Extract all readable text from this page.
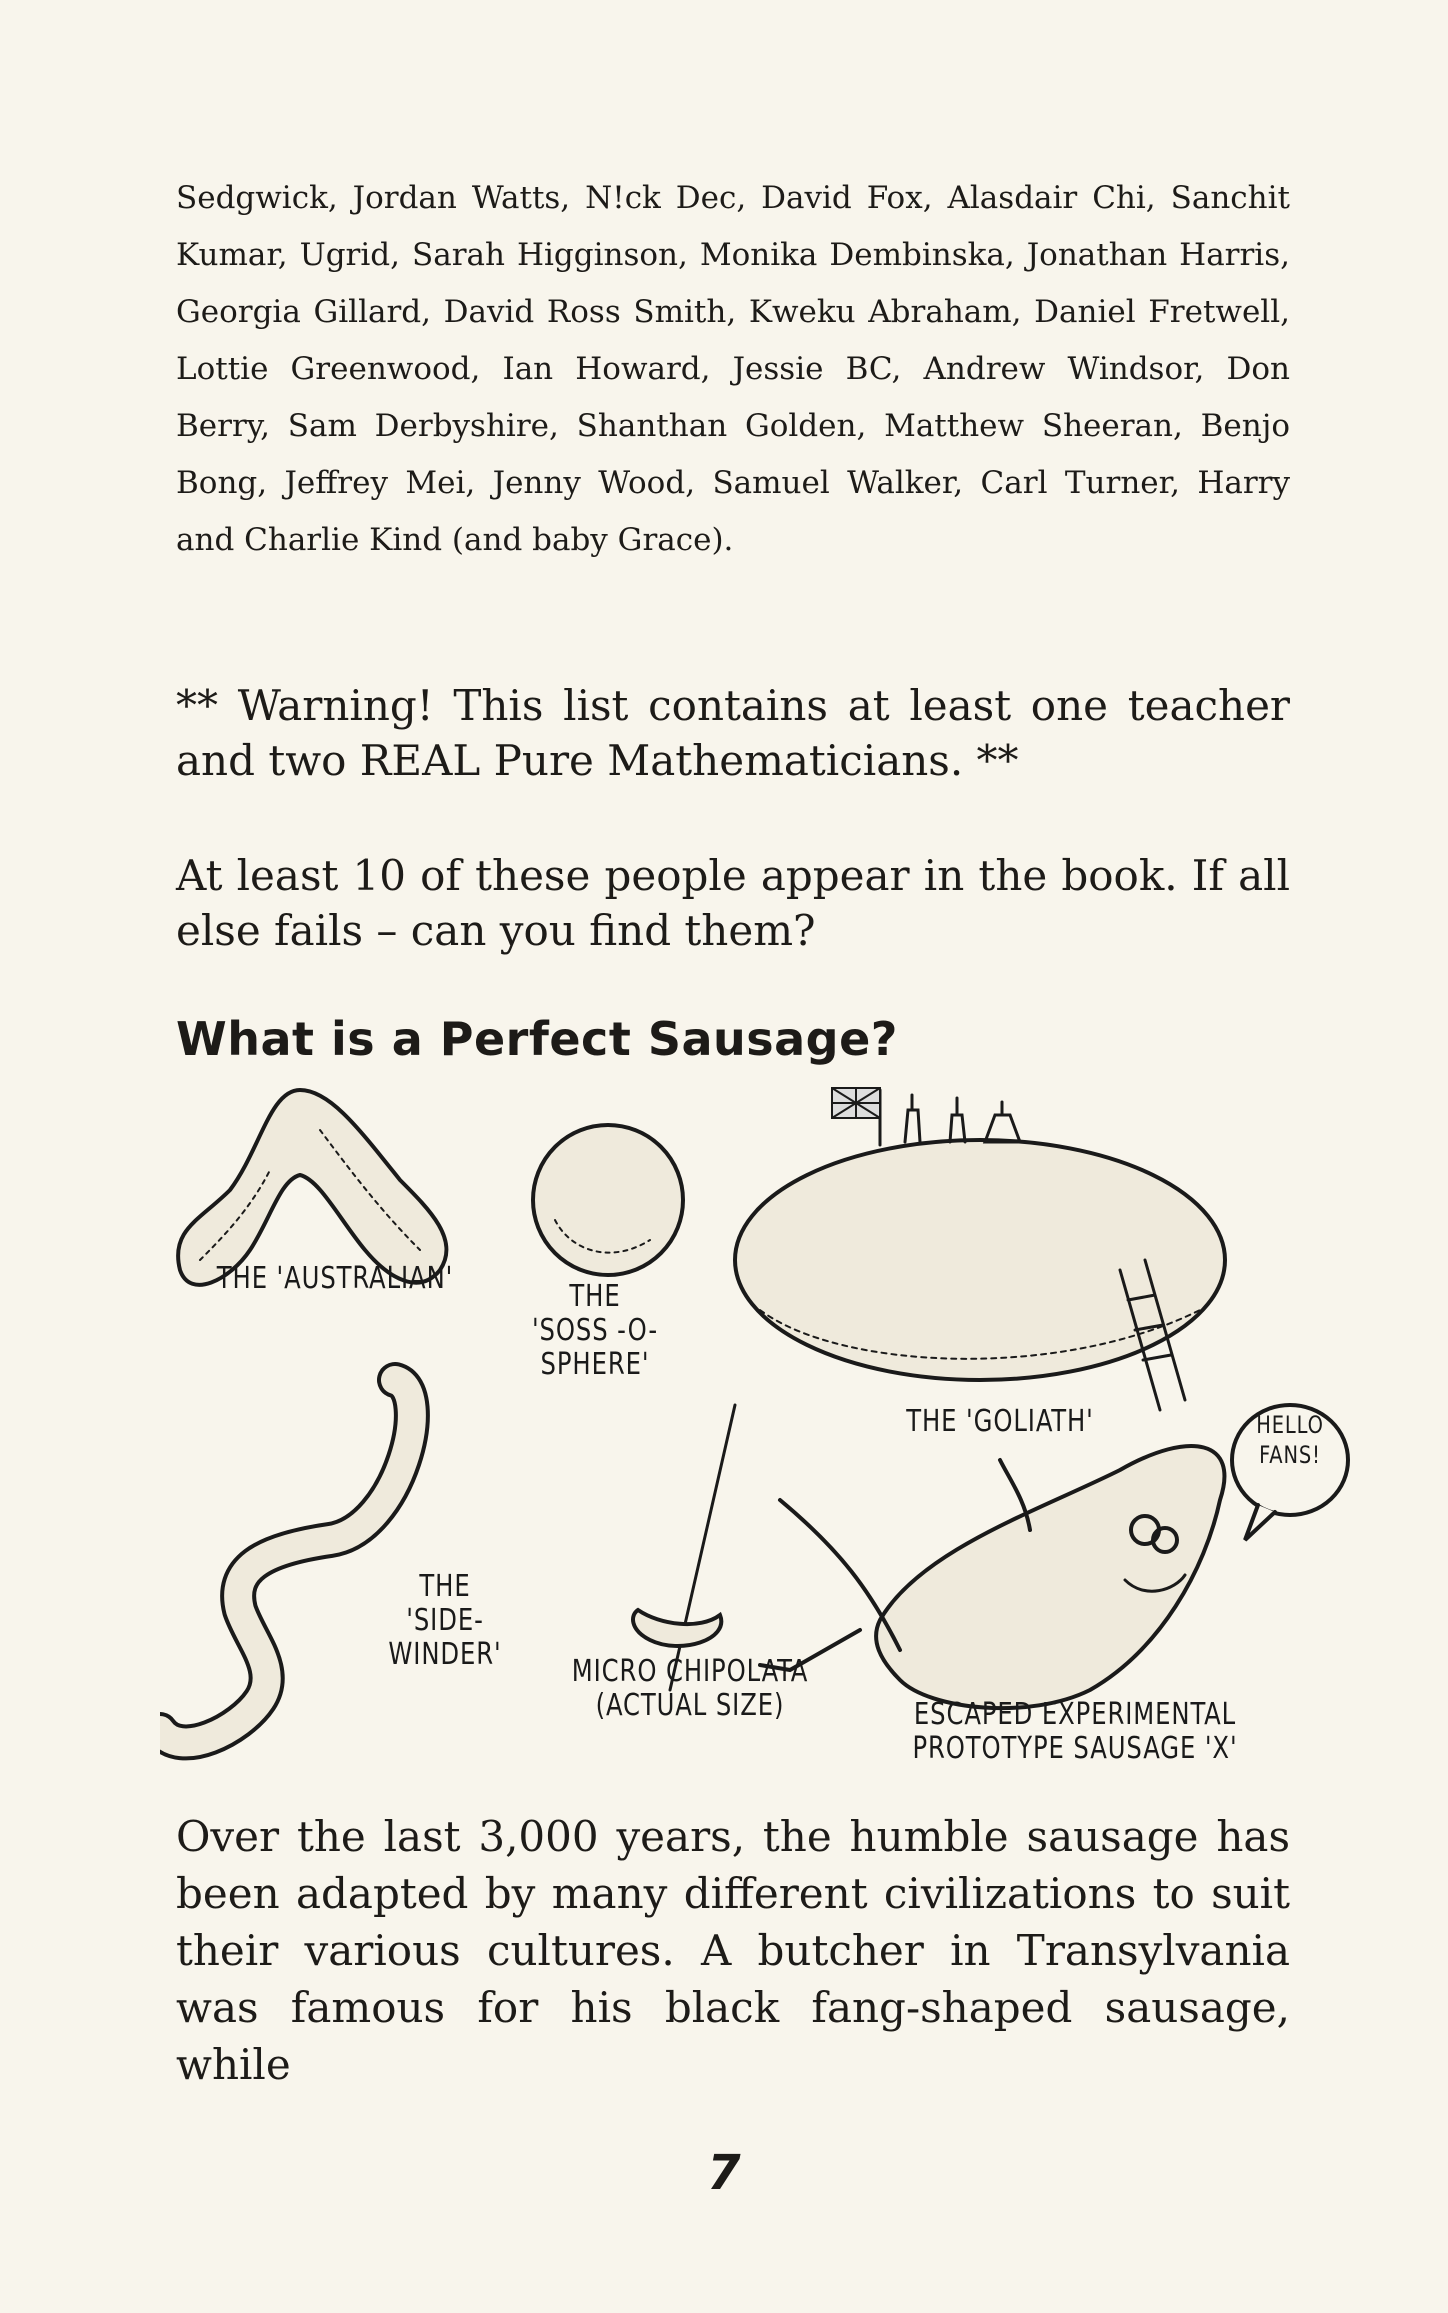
Sedgwick, Jordan Watts, N!ck Dec, David Fox, Alasdair Chi, Sanchit Kumar, Ugrid, Sarah Higginson, Monika Dembinska, Jonathan Harris, Georgia Gillard, David Ross Smith, Kweku Abraham, Daniel Fretwell, Lottie Greenwood, Ian Howard, Jessie BC, Andrew Windsor, Don Berry, Sam Derbyshire, Shanthan Golden, Matthew Sheeran, Benjo Bong, Jeffrey Mei, Jenny Wood, Samuel Walker, Carl Turner, Harry and Charlie Kind (and baby Grace).
** Warning! This list contains at least one teacher and two REAL Pure Mathematicians. **
At least 10 of these people appear in the book. If all else fails – can you find them?
What is a Perfect Sausage?
THE 'AUSTRALIAN'
THE 'SOSS -O- SPHERE'
THE 'GOLIATH'	HELLO FANS!
THE 'SIDE-WINDER'	MICRO CHIPOLATA (ACTUAL SIZE)	ESCAPED EXPERIMENTAL PROTOTYPE SAUSAGE 'X'
Over the last 3,000 years, the humble sausage has been adapted by many different civilizations to suit their various cultures. A butcher in Transylvania was famous for his black fang-shaped sausage, while
7
